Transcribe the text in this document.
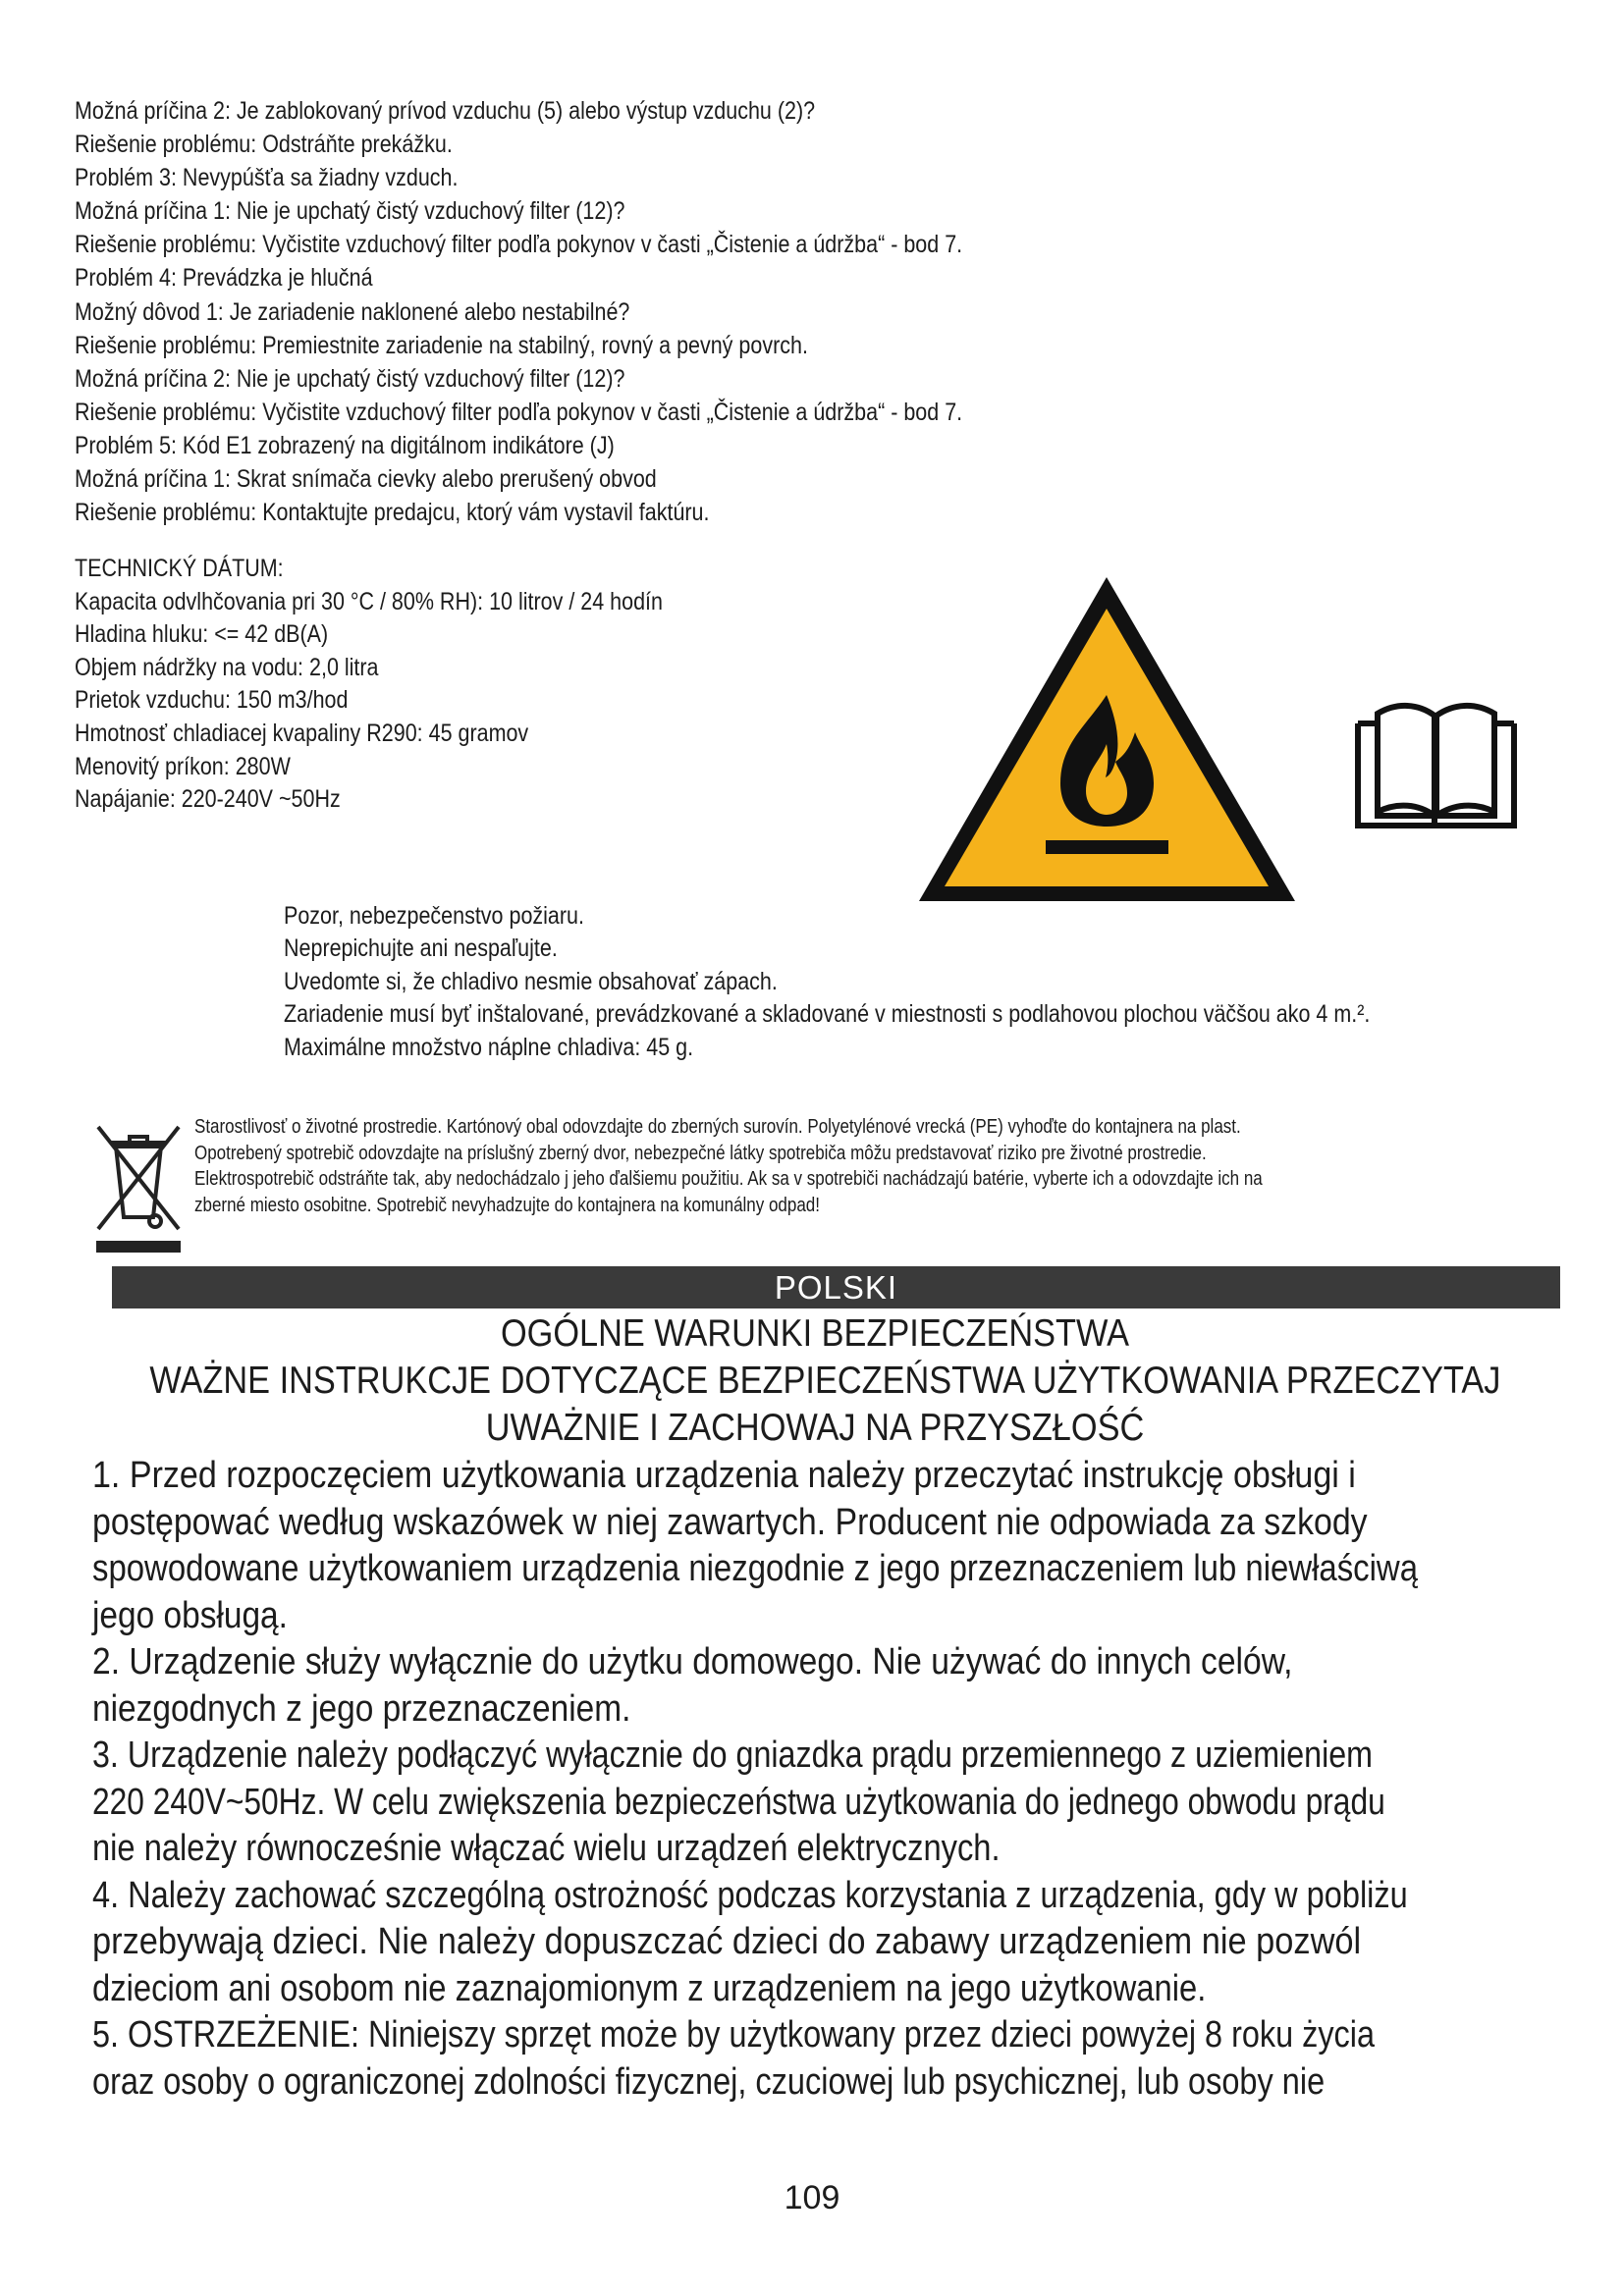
Možná príčina 2: Je zablokovaný prívod vzduchu (5) alebo výstup vzduchu (2)?
Riešenie problému: Odstráňte prekážku.
Problém 3: Nevypúšťa sa žiadny vzduch.
Možná príčina 1: Nie je upchatý čistý vzduchový filter (12)?
Riešenie problému: Vyčistite vzduchový filter podľa pokynov v časti „Čistenie a údržba“ - bod 7.
Problém 4: Prevádzka je hlučná
Možný dôvod 1: Je zariadenie naklonené alebo nestabilné?
Riešenie problému: Premiestnite zariadenie na stabilný, rovný a pevný povrch.
Možná príčina 2: Nie je upchatý čistý vzduchový filter (12)?
Riešenie problému: Vyčistite vzduchový filter podľa pokynov v časti „Čistenie a údržba“ - bod 7.
Problém 5: Kód E1 zobrazený na digitálnom indikátore (J)
Možná príčina 1: Skrat snímača cievky alebo prerušený obvod
Riešenie problému: Kontaktujte predajcu, ktorý vám vystavil faktúru.
TECHNICKÝ DÁTUM:
Kapacita odvlhčovania pri 30 °C / 80% RH): 10 litrov / 24 hodín
Hladina hluku: <= 42 dB(A)
Objem nádržky na vodu: 2,0 litra
Prietok vzduchu: 150 m3/hod
Hmotnosť chladiacej kvapaliny R290: 45 gramov
Menovitý príkon: 280W
Napájanie: 220-240V ~50Hz
Pozor, nebezpečenstvo požiaru.
Neprepichujte ani nespaľujte.
Uvedomte si, že chladivo nesmie obsahovať zápach.
Zariadenie musí byť inštalované, prevádzkované a skladované v miestnosti s podlahovou plochou väčšou ako 4 m.².
Maximálne množstvo náplne chladiva: 45 g.
Starostlivosť o životné prostredie. Kartónový obal odovzdajte do zberných surovín. Polyetylénové vrecká (PE) vyhoďte do kontajnera na plast.
Opotrebený spotrebič odovzdajte na príslušný zberný dvor, nebezpečné látky spotrebiča môžu predstavovať riziko pre životné prostredie.
Elektrospotrebič odstráňte tak, aby nedochádzalo j jeho ďalšiemu použitiu. Ak sa v spotrebiči nachádzajú batérie, vyberte ich a odovzdajte ich na
zberné miesto osobitne. Spotrebič nevyhadzujte do kontajnera na komunálny odpad!
POLSKI
OGÓLNE WARUNKI BEZPIECZEŃSTWA
WAŻNE INSTRUKCJE DOTYCZĄCE BEZPIECZEŃSTWA UŻYTKOWANIA PRZECZYTAJ
UWAŻNIE I ZACHOWAJ NA PRZYSZŁOŚĆ
1. Przed rozpoczęciem użytkowania urządzenia należy przeczytać instrukcję obsługi i
postępować według wskazówek w niej zawartych. Producent nie odpowiada za szkody
spowodowane użytkowaniem urządzenia niezgodnie z jego przeznaczeniem lub niewłaściwą
jego obsługą.
2. Urządzenie służy wyłącznie do użytku domowego. Nie używać do innych celów,
niezgodnych z jego przeznaczeniem.
3. Urządzenie należy podłączyć wyłącznie do gniazdka prądu przemiennego z uziemieniem
220 240V~50Hz. W celu zwiększenia bezpieczeństwa użytkowania do jednego obwodu prądu
nie należy równocześnie włączać wielu urządzeń elektrycznych.
4. Należy zachować szczególną ostrożność podczas korzystania z urządzenia, gdy w pobliżu
przebywają dzieci. Nie należy dopuszczać dzieci do zabawy urządzeniem nie pozwól
dzieciom ani osobom nie zaznajomionym z urządzeniem na jego użytkowanie.
5. OSTRZEŻENIE: Niniejszy sprzęt może by użytkowany przez dzieci powyżej 8 roku życia
oraz osoby o ograniczonej zdolności fizycznej, czuciowej lub psychicznej, lub osoby nie
109
